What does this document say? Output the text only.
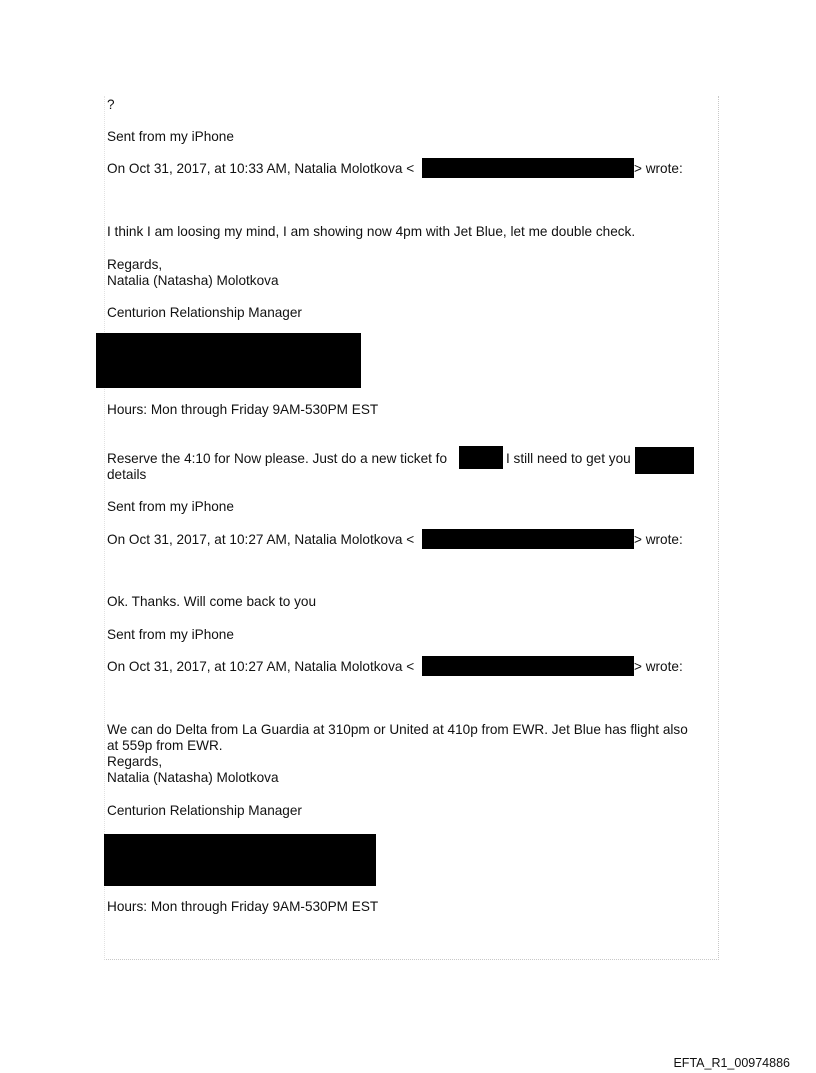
?
Sent from my iPhone
On Oct 31, 2017, at 10:33 AM, Natalia Molotkova <	> wrote:
I think I am loosing my mind, I am showing now 4pm with Jet Blue, let me double check.
Regards,
Natalia (Natasha) Molotkova
Centurion Relationship Manager
Hours: Mon through Friday 9AM-530PM EST
Reserve the 4:10 for Now please. Just do a new ticket fo	I still need to get you
details
Sent from my iPhone
On Oct 31, 2017, at 10:27 AM, Natalia Molotkova <	> wrote:
Ok. Thanks. Will come back to you
Sent from my iPhone
On Oct 31, 2017, at 10:27 AM, Natalia Molotkova <	> wrote:
We can do Delta from La Guardia at 310pm or United at 410p from EWR. Jet Blue has flight also
at 559p from EWR.
Regards,
Natalia (Natasha) Molotkova
Centurion Relationship Manager
Hours: Mon through Friday 9AM-530PM EST
EFTA_R1_00974886
